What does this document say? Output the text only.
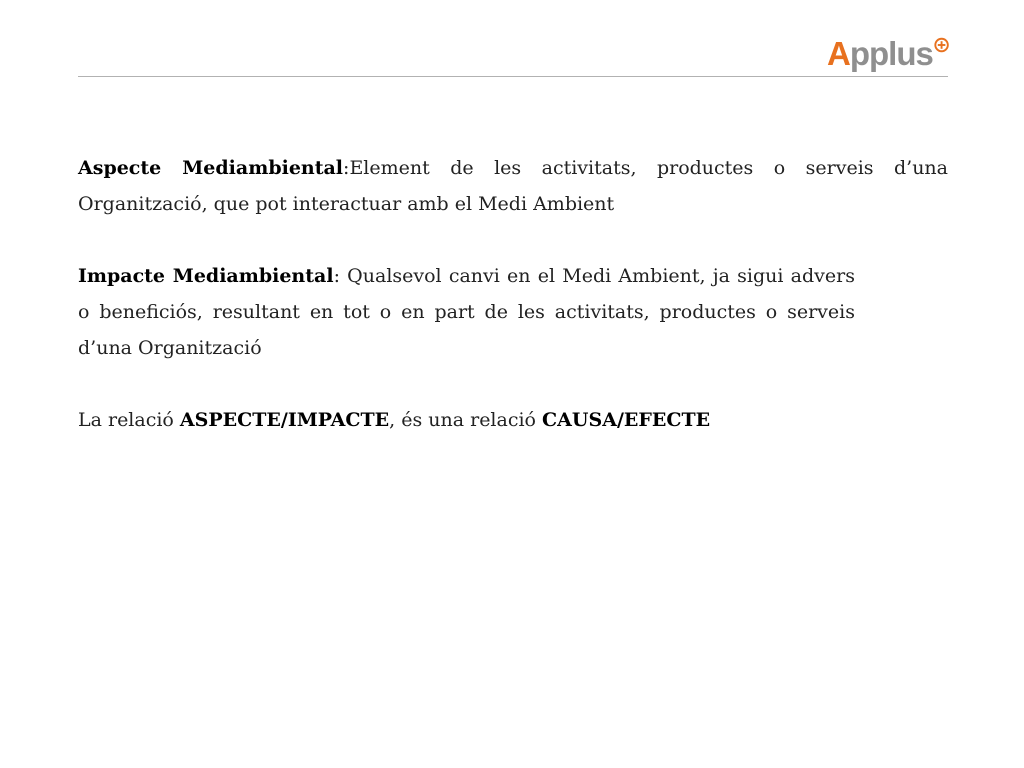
Applus

Aspecte Mediambiental:Element de les activitats, productes o serveis d’una Organització, que pot interactuar amb el Medi Ambient

Impacte Mediambiental: Qualsevol canvi en el Medi Ambient, ja sigui advers o beneficiós, resultant en tot o en part de les activitats, productes o serveis d’una Organització

La relació ASPECTE/IMPACTE, és una relació CAUSA/EFECTE
